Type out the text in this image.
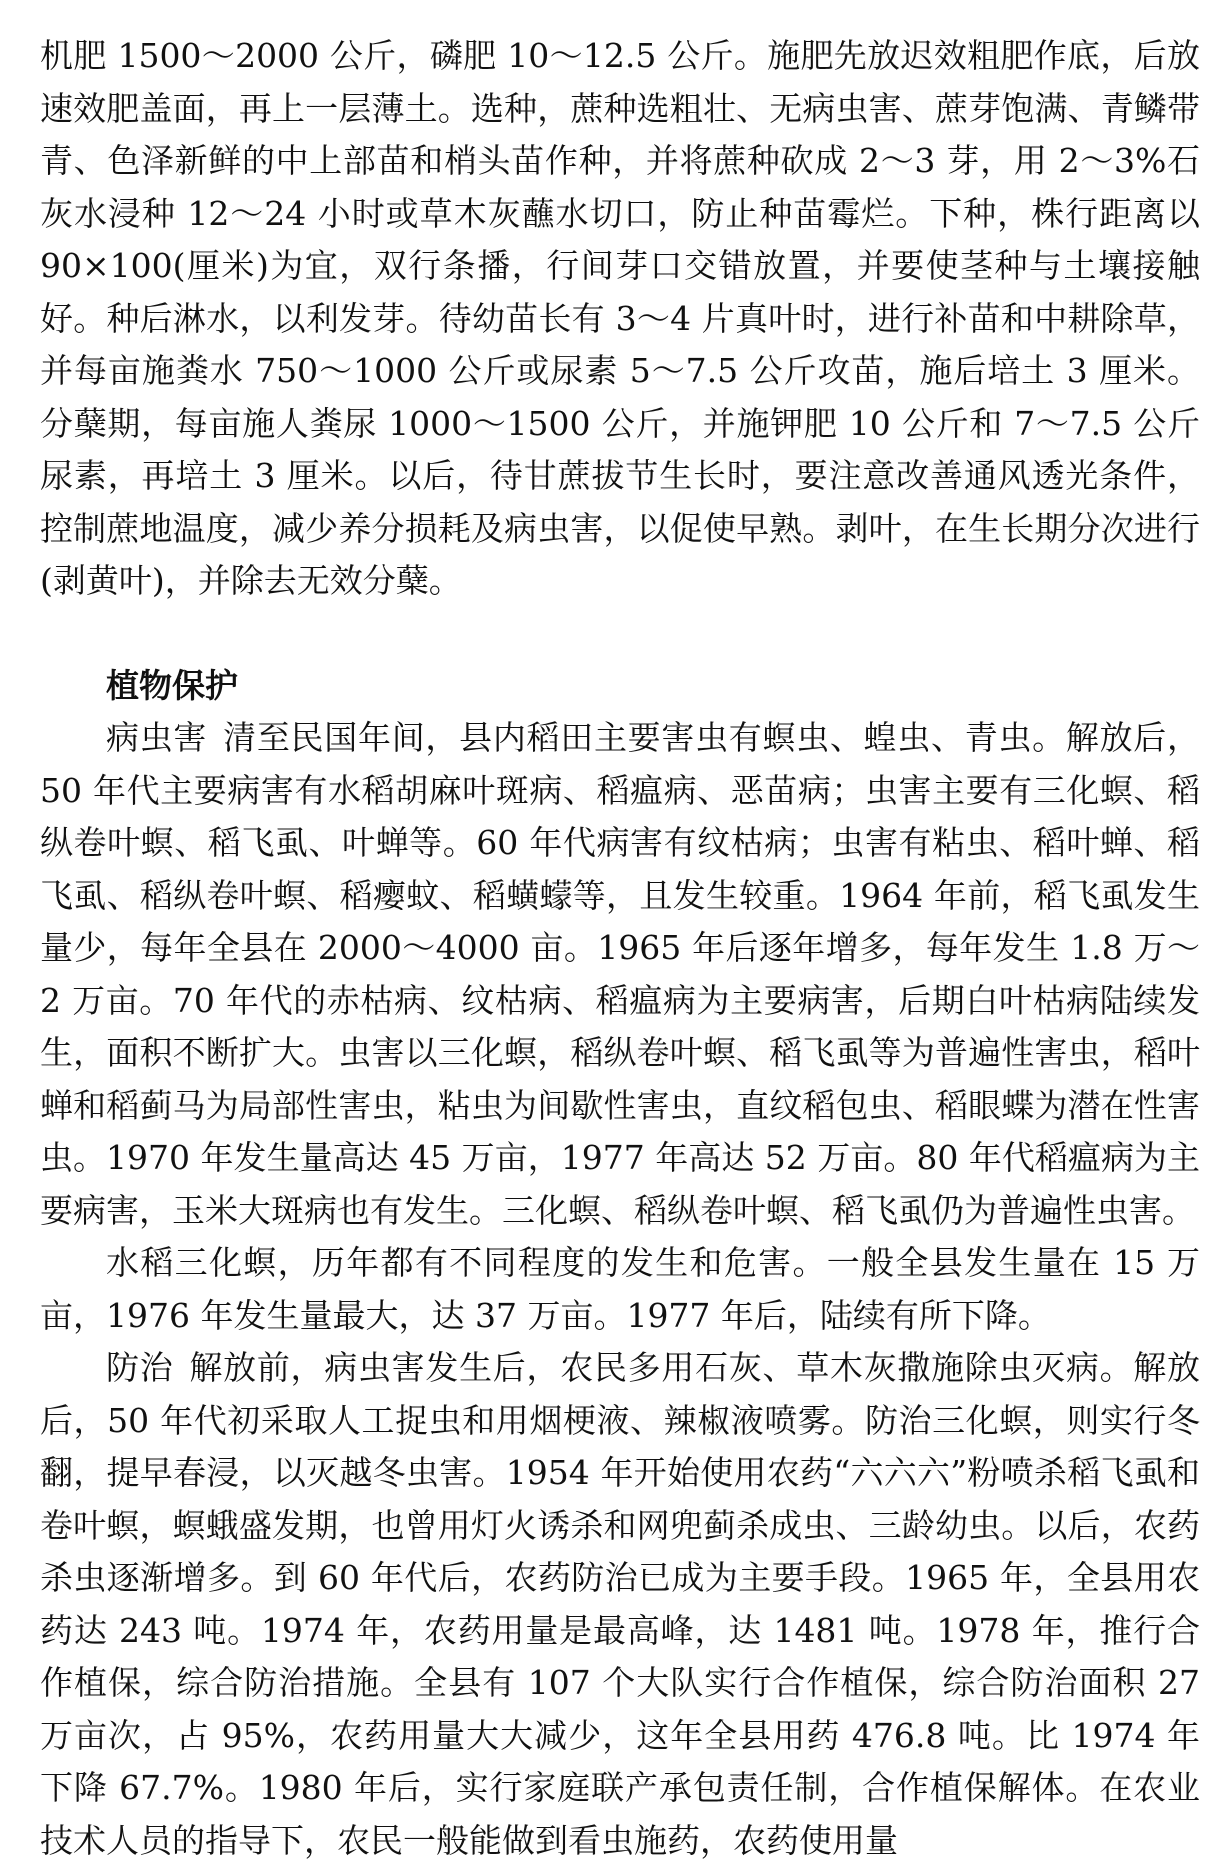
机肥 1500～2000 公斤，磷肥 10～12.5 公斤。施肥先放迟效粗肥作底，后放速效肥盖面，再上一层薄土。选种，蔗种选粗壮、无病虫害、蔗芽饱满、青鳞带青、色泽新鲜的中上部苗和梢头苗作种，并将蔗种砍成 2～3 芽，用 2～3%石灰水浸种 12～24 小时或草木灰蘸水切口，防止种苗霉烂。下种，株行距离以 90×100(厘米)为宜，双行条播，行间芽口交错放置，并要使茎种与土壤接触好。种后淋水，以利发芽。待幼苗长有 3～4 片真叶时，进行补苗和中耕除草，并每亩施粪水 750～1000 公斤或尿素 5～7.5 公斤攻苗，施后培土 3 厘米。分蘖期，每亩施人粪尿 1000～1500 公斤，并施钾肥 10 公斤和 7～7.5 公斤尿素，再培土 3 厘米。以后，待甘蔗拔节生长时，要注意改善通风透光条件，控制蔗地温度，减少养分损耗及病虫害，以促使早熟。剥叶，在生长期分次进行(剥黄叶)，并除去无效分蘖。

植物保护

病虫害 清至民国年间，县内稻田主要害虫有螟虫、蝗虫、青虫。解放后，50 年代主要病害有水稻胡麻叶斑病、稻瘟病、恶苗病；虫害主要有三化螟、稻纵卷叶螟、稻飞虱、叶蝉等。60 年代病害有纹枯病；虫害有粘虫、稻叶蝉、稻飞虱、稻纵卷叶螟、稻瘿蚊、稻蟥蠓等，且发生较重。1964 年前，稻飞虱发生量少，每年全县在 2000～4000 亩。1965 年后逐年增多，每年发生 1.8 万～2 万亩。70 年代的赤枯病、纹枯病、稻瘟病为主要病害，后期白叶枯病陆续发生，面积不断扩大。虫害以三化螟，稻纵卷叶螟、稻飞虱等为普遍性害虫，稻叶蝉和稻蓟马为局部性害虫，粘虫为间歇性害虫，直纹稻包虫、稻眼蝶为潜在性害虫。1970 年发生量高达 45 万亩，1977 年高达 52 万亩。80 年代稻瘟病为主要病害，玉米大斑病也有发生。三化螟、稻纵卷叶螟、稻飞虱仍为普遍性虫害。

水稻三化螟，历年都有不同程度的发生和危害。一般全县发生量在 15 万亩，1976 年发生量最大，达 37 万亩。1977 年后，陆续有所下降。

防治 解放前，病虫害发生后，农民多用石灰、草木灰撒施除虫灭病。解放后，50 年代初采取人工捉虫和用烟梗液、辣椒液喷雾。防治三化螟，则实行冬翻，提早春浸，以灭越冬虫害。1954 年开始使用农药“六六六”粉喷杀稻飞虱和卷叶螟，螟蛾盛发期，也曾用灯火诱杀和网兜蓟杀成虫、三龄幼虫。以后，农药杀虫逐渐增多。到 60 年代后，农药防治已成为主要手段。1965 年，全县用农药达 243 吨。1974 年，农药用量是最高峰，达 1481 吨。1978 年，推行合作植保，综合防治措施。全县有 107 个大队实行合作植保，综合防治面积 27 万亩次，占 95%，农药用量大大减少，这年全县用药 476.8 吨。比 1974 年下降 67.7%。1980 年后，实行家庭联产承包责任制，合作植保解体。在农业技术人员的指导下，农民一般能做到看虫施药，农药使用量
